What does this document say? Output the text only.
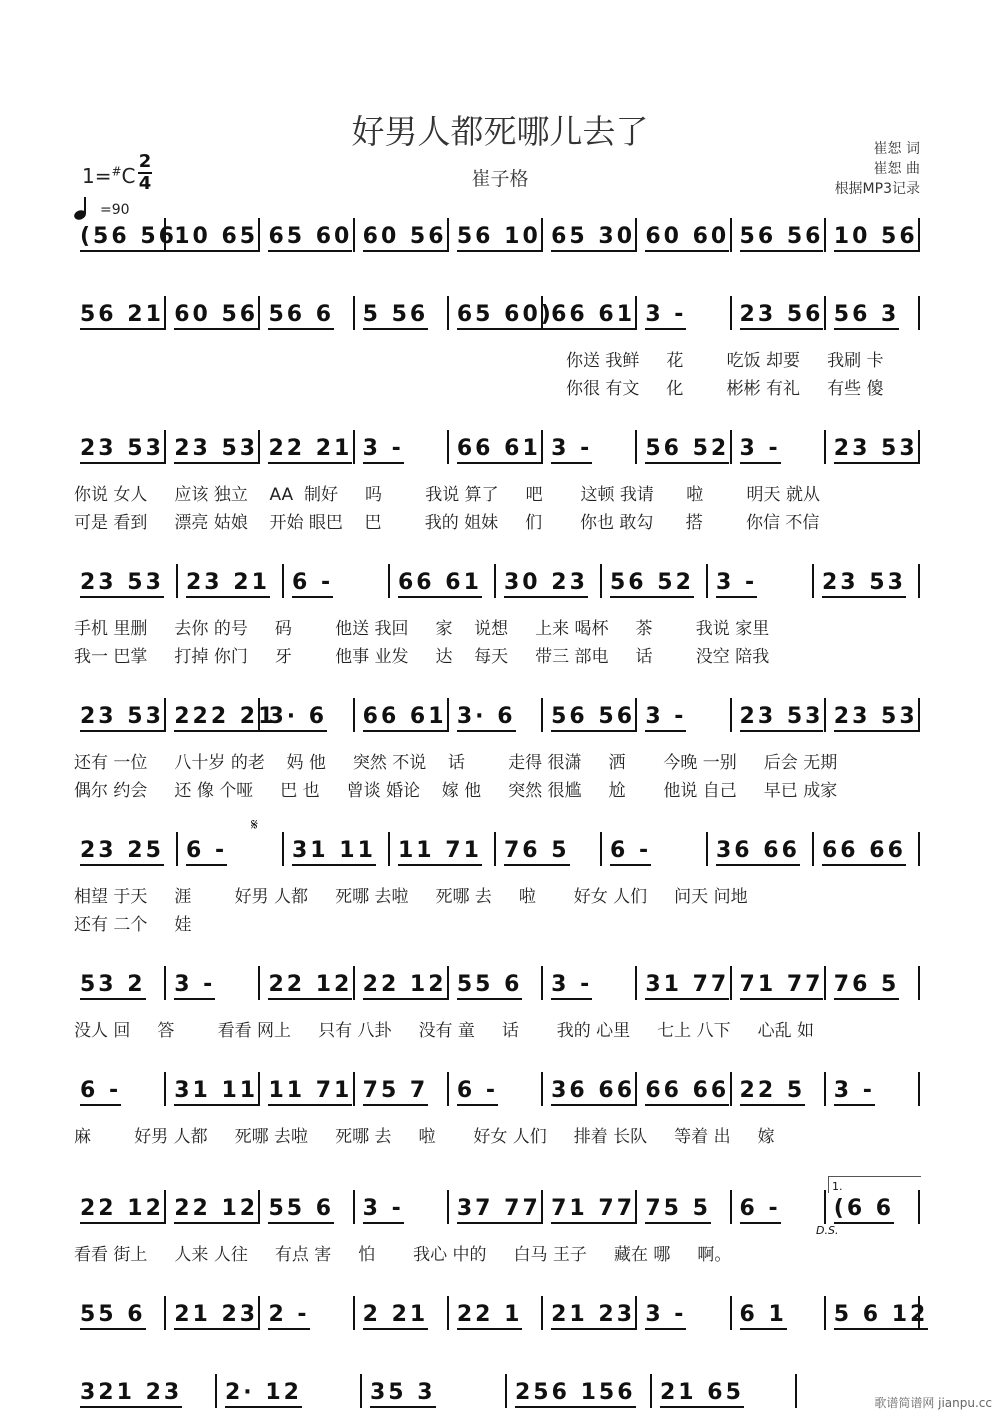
好男人都死哪儿去了
崔子格
崔恕 词
崔恕 曲
根据MP3记录
1=#C
2
4
=90
𝄋
1.
D.S.
(56 56
10 65 65 60 60 56 56 10 65 30 60 60 56 56 10 56
56 21 60 56 56 6 5 56 65 60)
66 61 3 - 23 56 56 3
你送 我鲜     花        吃饭 却要     我刷 卡
你很 有文     化        彬彬 有礼     有些 傻
23 53 23 53 22 21 3 - 66 61 3 - 56 52 3 - 23 53
你说 女人     应该 独立    AA  制好     吗        我说 算了     吧       这顿 我请      啦        明天 就从
可是 看到     漂亮 姑娘    开始 眼巴    巴        我的 姐妹     们       你也 敢勾      搭        你信 不信
23 53 23 21 6 -	66 61 30 23 56 52 3 -	23 53
手机 里删     去你 的号     码        他送 我回     家    说想     上来 喝杯     茶        我说 家里
我一 巴掌     打掉 你门     牙        他事 业发     达    每天     带三 部电     话        没空 陪我
23 53 222 21
3· 6 66 61 3· 6 56 56 3 - 23 53 23 53
还有 一位     八十岁 的老    妈 他     突然 不说    话        走得 很潇     洒       今晚 一别     后会 无期
偶尔 约会     还 像 个哑     巴 也     曾谈 婚论    嫁 他     突然 很尴     尬       他说 自己     早已 成家
23 25 6 -	31 11 11 71 76 5 6 -	36 66 66 66
相望 于天     涯        好男 人都     死哪 去啦     死哪 去     啦       好女 人们     问天 问地
还有 二个     娃
53 2 3 - 22 12 22 12 55 6 3 - 31 77 71 77 76 5
没人 回     答        看看 网上     只有 八卦     没有 童     话       我的 心里     七上 八下     心乱 如
6 - 31 11 11 71 75 7 6 - 36 66 66 66 22 5 3 -
麻        好男 人都     死哪 去啦     死哪 去     啦       好女 人们     排着 长队     等着 出     嫁
22 12 22 12 55 6 3 - 37 77 71 77 75 5 6 - (6 6
看看 街上     人来 人往     有点 害     怕       我心 中的     白马 王子     藏在 哪     啊。
55 6 21 23 2 - 2 21 22 1 21 23 3 - 6 1 5 6 12
321 23 2· 12	35 3	256 156 21 65	歌谱简谱网 jianpu.cc
